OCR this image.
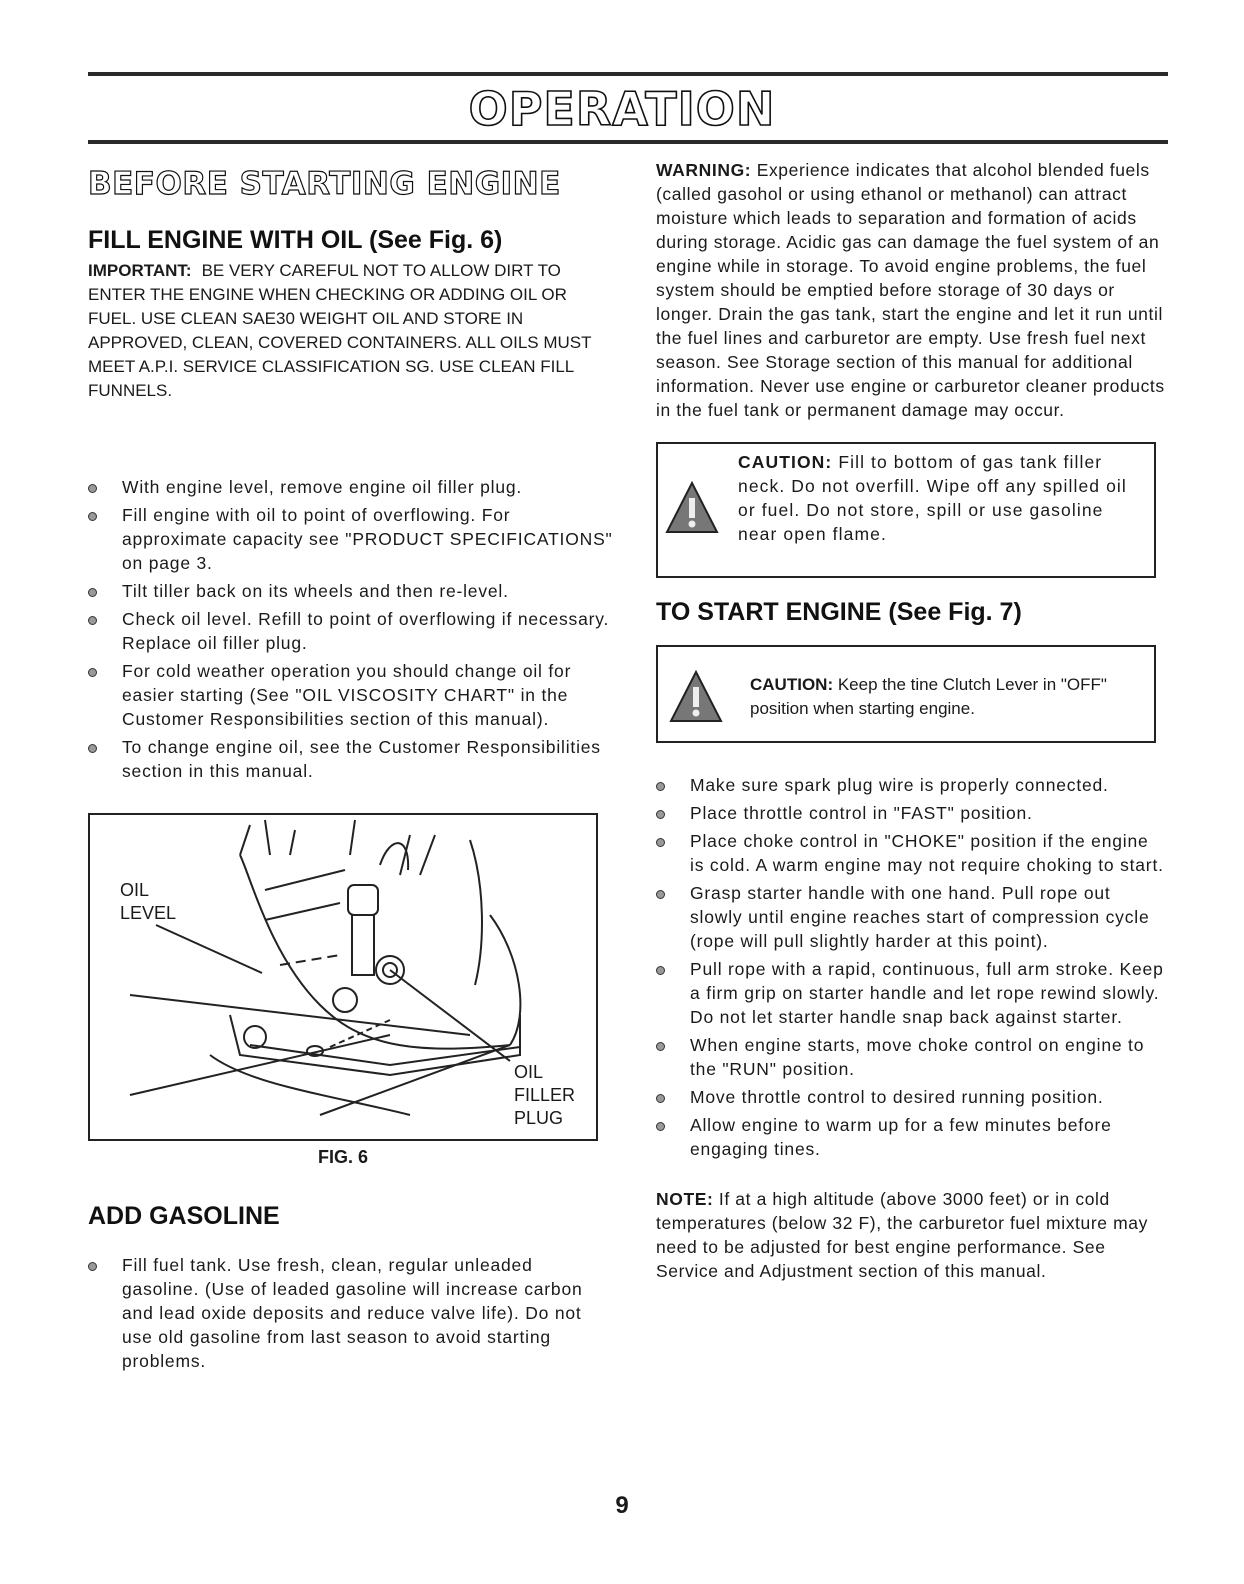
OPERATION
BEFORE STARTING ENGINE
FILL ENGINE WITH OIL (See Fig. 6)
IMPORTANT: BE VERY CAREFUL NOT TO ALLOW DIRT TO ENTER THE ENGINE WHEN CHECKING OR ADDING OIL OR FUEL. USE CLEAN SAE30 WEIGHT OIL AND STORE IN APPROVED, CLEAN, COVERED CONTAINERS. ALL OILS MUST MEET A.P.I. SERVICE CLASSIFICATION SG. USE CLEAN FILL FUNNELS.
With engine level, remove engine oil filler plug.
Fill engine with oil to point of overflowing. For approximate capacity see "PRODUCT SPECIFICATIONS" on page 3.
Tilt tiller back on its wheels and then re-level.
Check oil level. Refill to point of overflowing if necessary. Replace oil filler plug.
For cold weather operation you should change oil for easier starting (See "OIL VISCOSITY CHART" in the Customer Responsibilities section of this manual).
To change engine oil, see the Customer Responsibilities section in this manual.
OIL
LEVEL
OIL
FILLER
PLUG
FIG. 6
ADD GASOLINE
Fill fuel tank. Use fresh, clean, regular unleaded gasoline. (Use of leaded gasoline will increase carbon and lead oxide deposits and reduce valve life). Do not use old gasoline from last season to avoid starting problems.
WARNING: Experience indicates that alcohol blended fuels (called gasohol or using ethanol or methanol) can attract moisture which leads to separation and formation of acids during storage. Acidic gas can damage the fuel system of an engine while in storage. To avoid engine problems, the fuel system should be emptied before storage of 30 days or longer. Drain the gas tank, start the engine and let it run until the fuel lines and carburetor are empty. Use fresh fuel next season. See Storage section of this manual for additional information. Never use engine or carburetor cleaner products in the fuel tank or permanent damage may occur.
CAUTION: Fill to bottom of gas tank filler neck. Do not overfill. Wipe off any spilled oil or fuel. Do not store, spill or use gasoline near open flame.
TO START ENGINE (See Fig. 7)
CAUTION: Keep the tine Clutch Lever in "OFF" position when starting engine.
Make sure spark plug wire is properly connected.
Place throttle control in "FAST" position.
Place choke control in "CHOKE" position if the engine is cold. A warm engine may not require choking to start.
Grasp starter handle with one hand. Pull rope out slowly until engine reaches start of compression cycle (rope will pull slightly harder at this point).
Pull rope with a rapid, continuous, full arm stroke. Keep a firm grip on starter handle and let rope rewind slowly. Do not let starter handle snap back against starter.
When engine starts, move choke control on engine to the "RUN" position.
Move throttle control to desired running position.
Allow engine to warm up for a few minutes before engaging tines.
NOTE: If at a high altitude (above 3000 feet) or in cold temperatures (below 32 F), the carburetor fuel mixture may need to be adjusted for best engine performance. See Service and Adjustment section of this manual.
9
